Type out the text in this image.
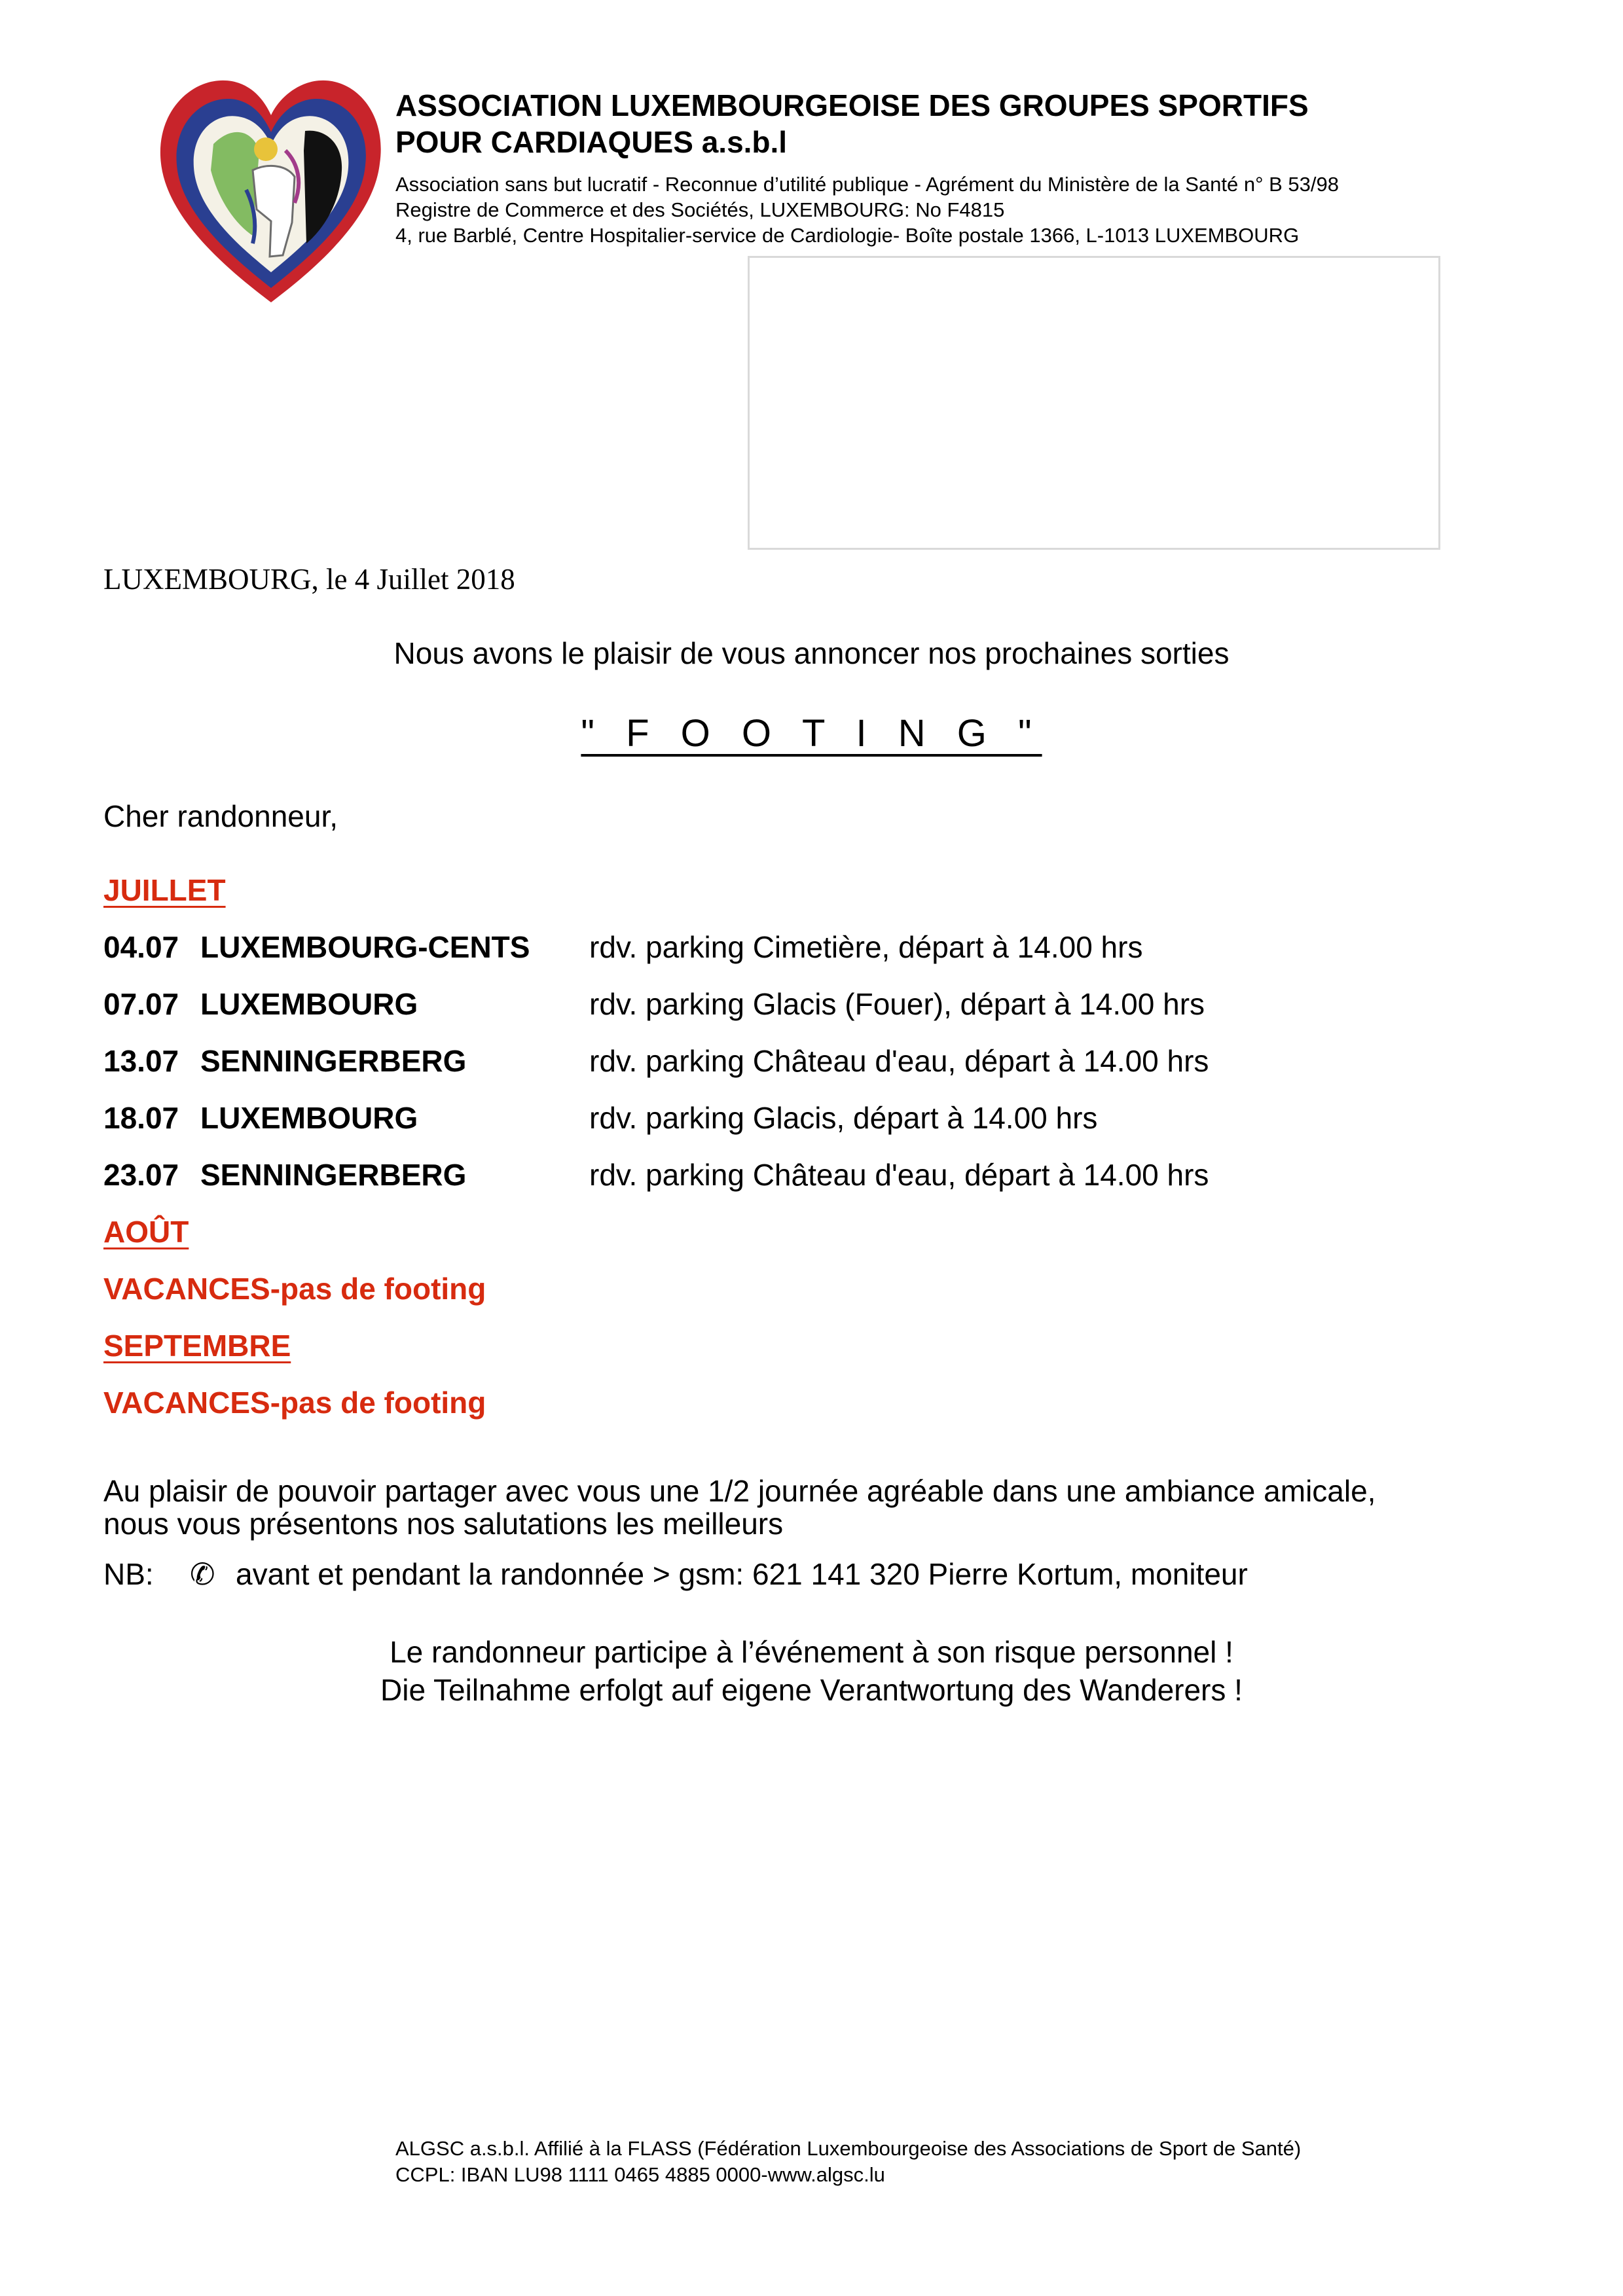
ASSOCIATION LUXEMBOURGEOISE DES GROUPES SPORTIFS
POUR CARDIAQUES a.s.b.l
Association sans but lucratif - Reconnue d’utilité publique - Agrément du Ministère de la Santé n° B 53/98
Registre de Commerce et des Sociétés, LUXEMBOURG: No F4815
4, rue Barblé, Centre Hospitalier-service de Cardiologie- Boîte postale 1366, L-1013 LUXEMBOURG
LUXEMBOURG, le 4 Juillet 2018
Nous avons le plaisir de vous annoncer nos prochaines sorties
" F O O T I N G "
Cher randonneur,
JUILLET
04.07 LUXEMBOURG-CENTS rdv. parking Cimetière, départ à 14.00 hrs
07.07 LUXEMBOURG	rdv. parking Glacis (Fouer), départ à 14.00 hrs
13.07 SENNINGERBERG	rdv. parking Château d'eau, départ à 14.00 hrs
18.07 LUXEMBOURG	rdv. parking Glacis, départ à 14.00 hrs
23.07 SENNINGERBERG	rdv. parking Château d'eau, départ à 14.00 hrs
AOÛT
VACANCES-pas de footing
SEPTEMBRE
VACANCES-pas de footing
Au plaisir de pouvoir partager avec vous une 1/2 journée agréable dans une ambiance amicale,
nous vous présentons nos salutations les meilleurs
NB: ✆ avant et pendant la randonnée > gsm: 621 141 320 Pierre Kortum, moniteur
Le randonneur participe à l’événement à son risque personnel !
Die Teilnahme erfolgt auf eigene Verantwortung des Wanderers !
ALGSC a.s.b.l. Affilié à la FLASS (Fédération Luxembourgeoise des Associations de Sport de Santé)
CCPL: IBAN LU98 1111 0465 4885 0000-www.algsc.lu
